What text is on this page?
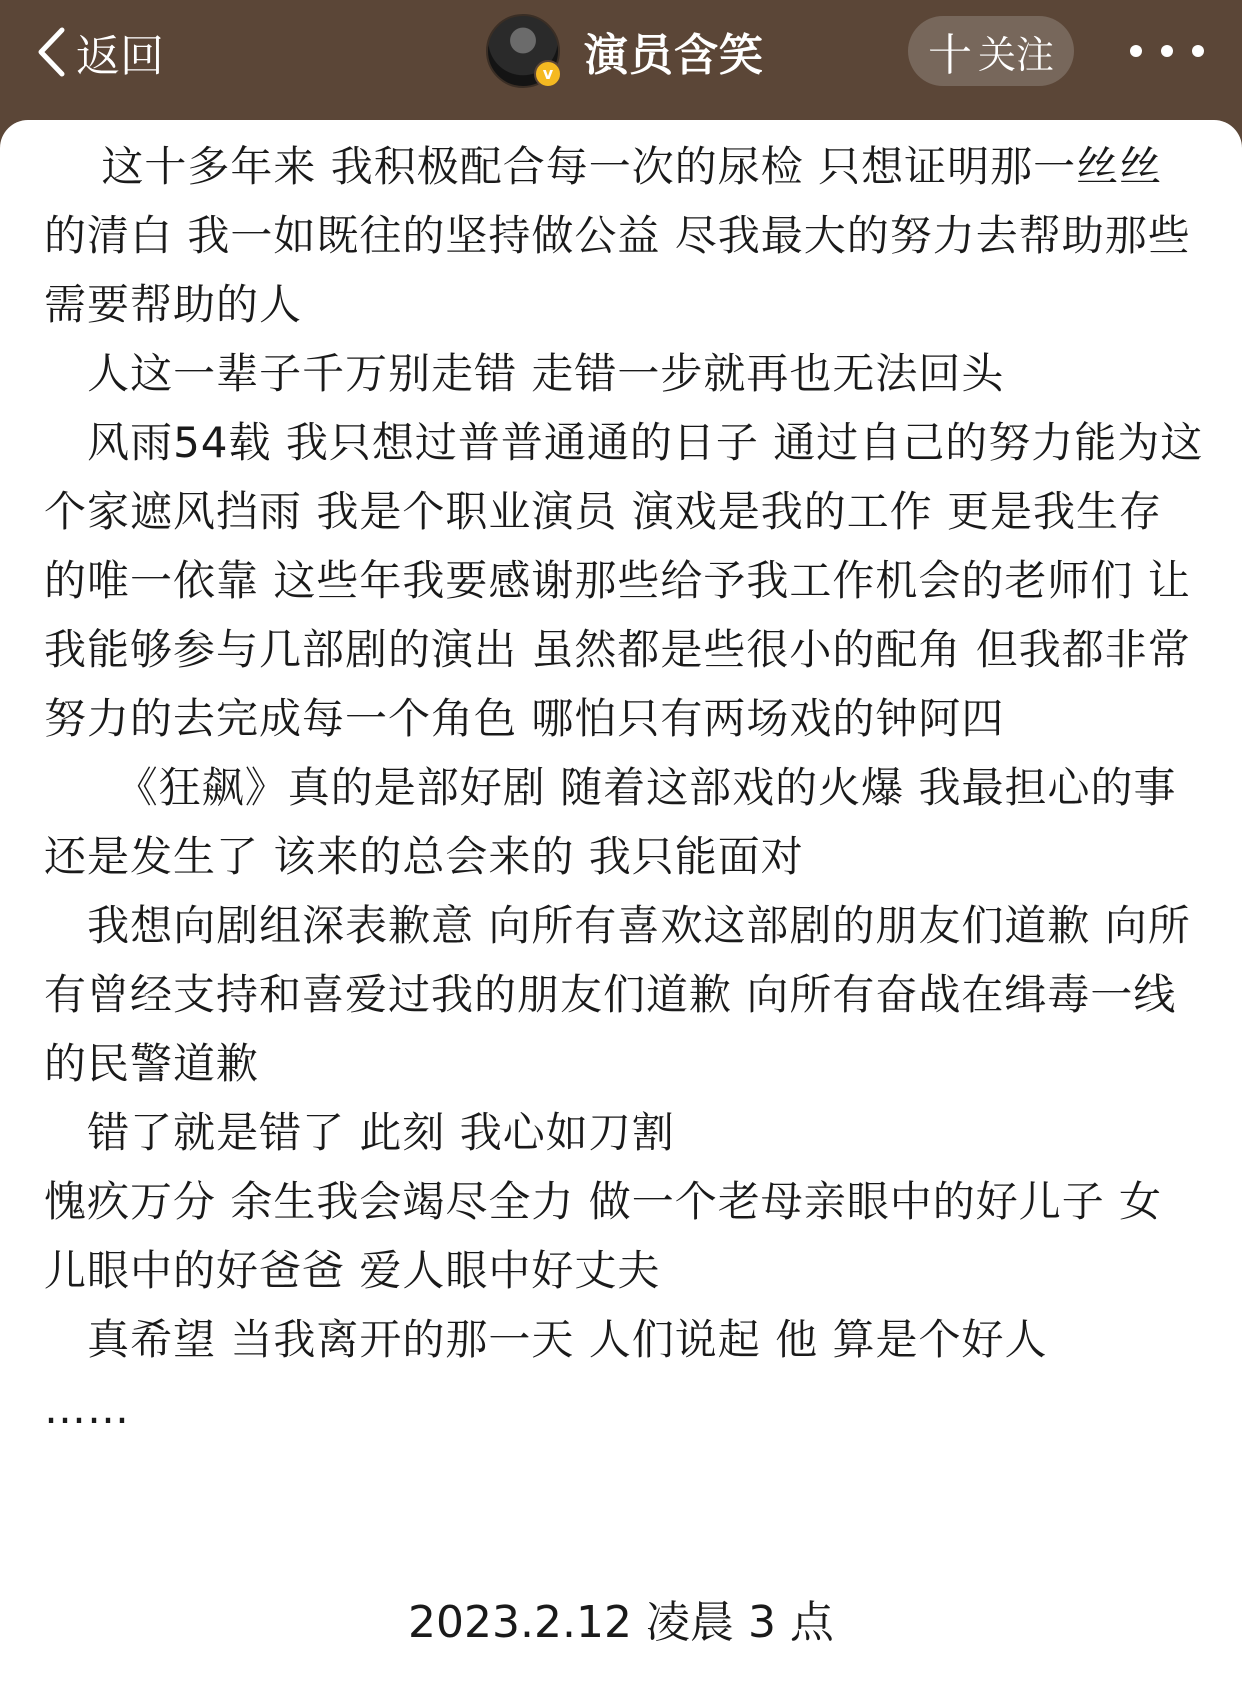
返回	v 演员含笑	十 关注

这十多年来 我积极配合每一次的尿检 只想证明那一丝丝的清白 我一如既往的坚持做公益 尽我最大的努力去帮助那些需要帮助的人

人这一辈子千万别走错 走错一步就再也无法回头

风雨54载 我只想过普普通通的日子 通过自己的努力能为这个家遮风挡雨 我是个职业演员 演戏是我的工作 更是我生存的唯一依靠 这些年我要感谢那些给予我工作机会的老师们 让我能够参与几部剧的演出 虽然都是些很小的配角 但我都非常努力的去完成每一个角色 哪怕只有两场戏的钟阿四

《狂飙》真的是部好剧 随着这部戏的火爆 我最担心的事还是发生了 该来的总会来的 我只能面对

我想向剧组深表歉意 向所有喜欢这部剧的朋友们道歉 向所有曾经支持和喜爱过我的朋友们道歉 向所有奋战在缉毒一线的民警道歉

错了就是错了 此刻 我心如刀割

愧疚万分 余生我会竭尽全力 做一个老母亲眼中的好儿子 女儿眼中的好爸爸 爱人眼中好丈夫

真希望 当我离开的那一天 人们说起 他 算是个好人

……

2023.2.12 凌晨 3 点
